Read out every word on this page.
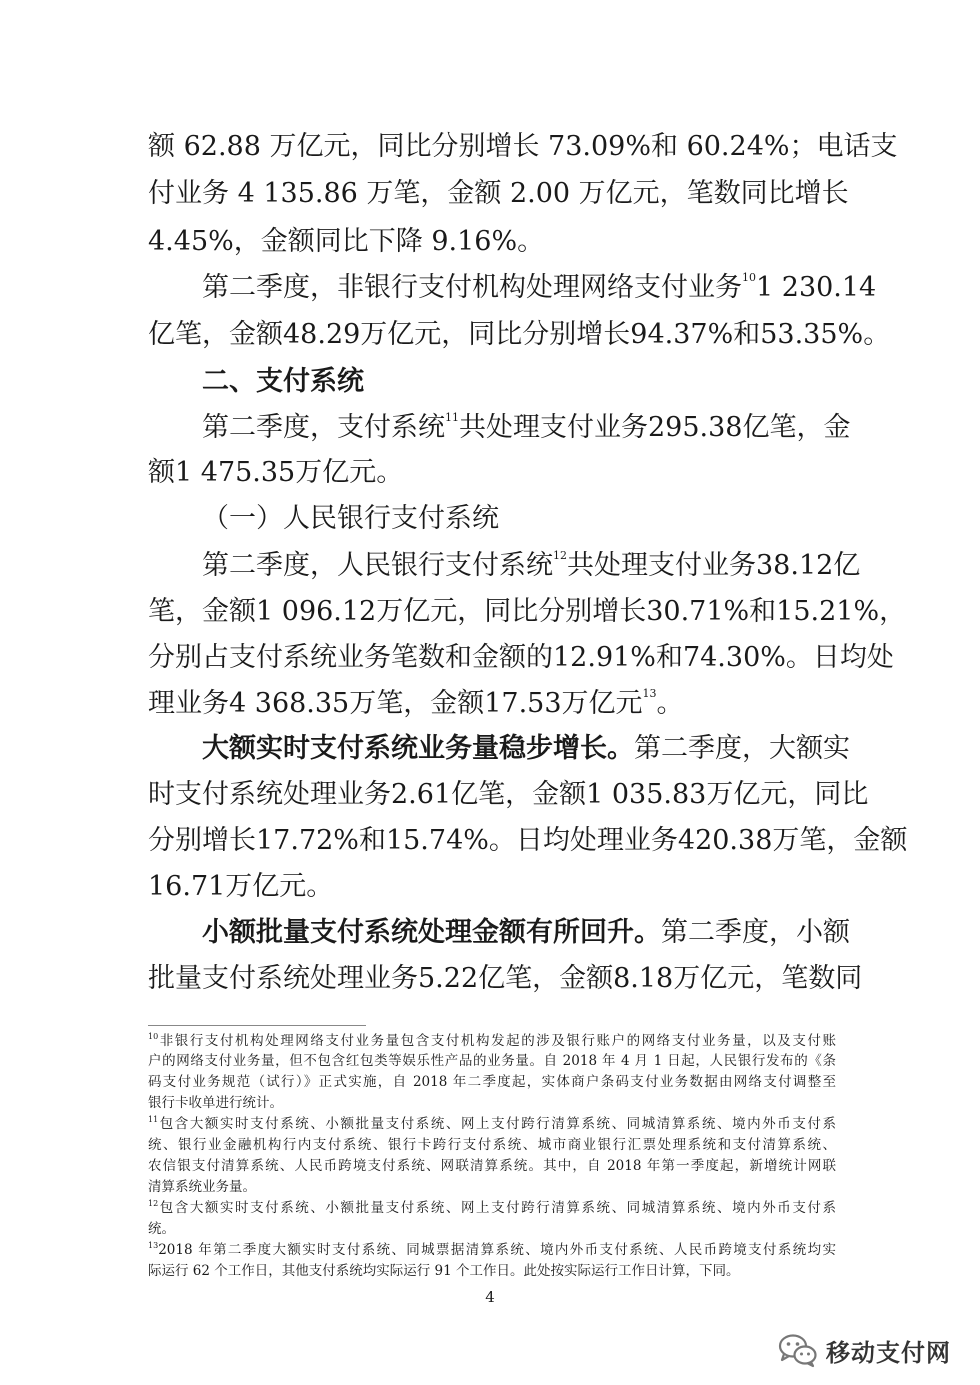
额 62.88 万亿元，同比分别增长 73.09%和 60.24%；电话支
付业务 4 135.86 万笔，金额 2.00 万亿元，笔数同比增长
4.45%，金额同比下降 9.16%。
第二季度，非银行支付机构处理网络支付业务$^{10}$1 230.14
亿笔，金额48.29万亿元，同比分别增长94.37%和53.35%。
二、支付系统
第二季度，支付系统$^{11}$共处理支付业务295.38亿笔，金
额1 475.35万亿元。
（一）人民银行支付系统
第二季度，人民银行支付系统$^{12}$共处理支付业务38.12亿
笔，金额1 096.12万亿元，同比分别增长30.71%和15.21%，
分别占支付系统业务笔数和金额的12.91%和74.30%。日均处
理业务4 368.35万笔，金额17.53万亿元$^{13}$。
大额实时支付系统业务量稳步增长。第二季度，大额实
时支付系统处理业务2.61亿笔，金额1 035.83万亿元，同比
分别增长17.72%和15.74%。日均处理业务420.38万笔，金额
16.71万亿元。
小额批量支付系统处理金额有所回升。第二季度，小额
批量支付系统处理业务5.22亿笔，金额8.18万亿元，笔数同
$^{10}$非银行支付机构处理网络支付业务量包含支付机构发起的涉及银行账户的网络支付业务量，以及支付账
户的网络支付业务量，但不包含红包类等娱乐性产品的业务量。自 2018 年 4 月 1 日起，人民银行发布的《条
码支付业务规范（试行）》正式实施，自 2018 年二季度起，实体商户条码支付业务数据由网络支付调整至
银行卡收单进行统计。
$^{11}$包含大额实时支付系统、小额批量支付系统、网上支付跨行清算系统、同城清算系统、境内外币支付系
统、银行业金融机构行内支付系统、银行卡跨行支付系统、城市商业银行汇票处理系统和支付清算系统、
农信银支付清算系统、人民币跨境支付系统、网联清算系统。其中，自 2018 年第一季度起，新增统计网联
清算系统业务量。
$^{12}$包含大额实时支付系统、小额批量支付系统、网上支付跨行清算系统、同城清算系统、境内外币支付系
统。
$^{13}$2018 年第二季度大额实时支付系统、同城票据清算系统、境内外币支付系统、人民币跨境支付系统均实
际运行 62 个工作日，其他支付系统均实际运行 91 个工作日。此处按实际运行工作日计算，下同。
4
移动支付网
